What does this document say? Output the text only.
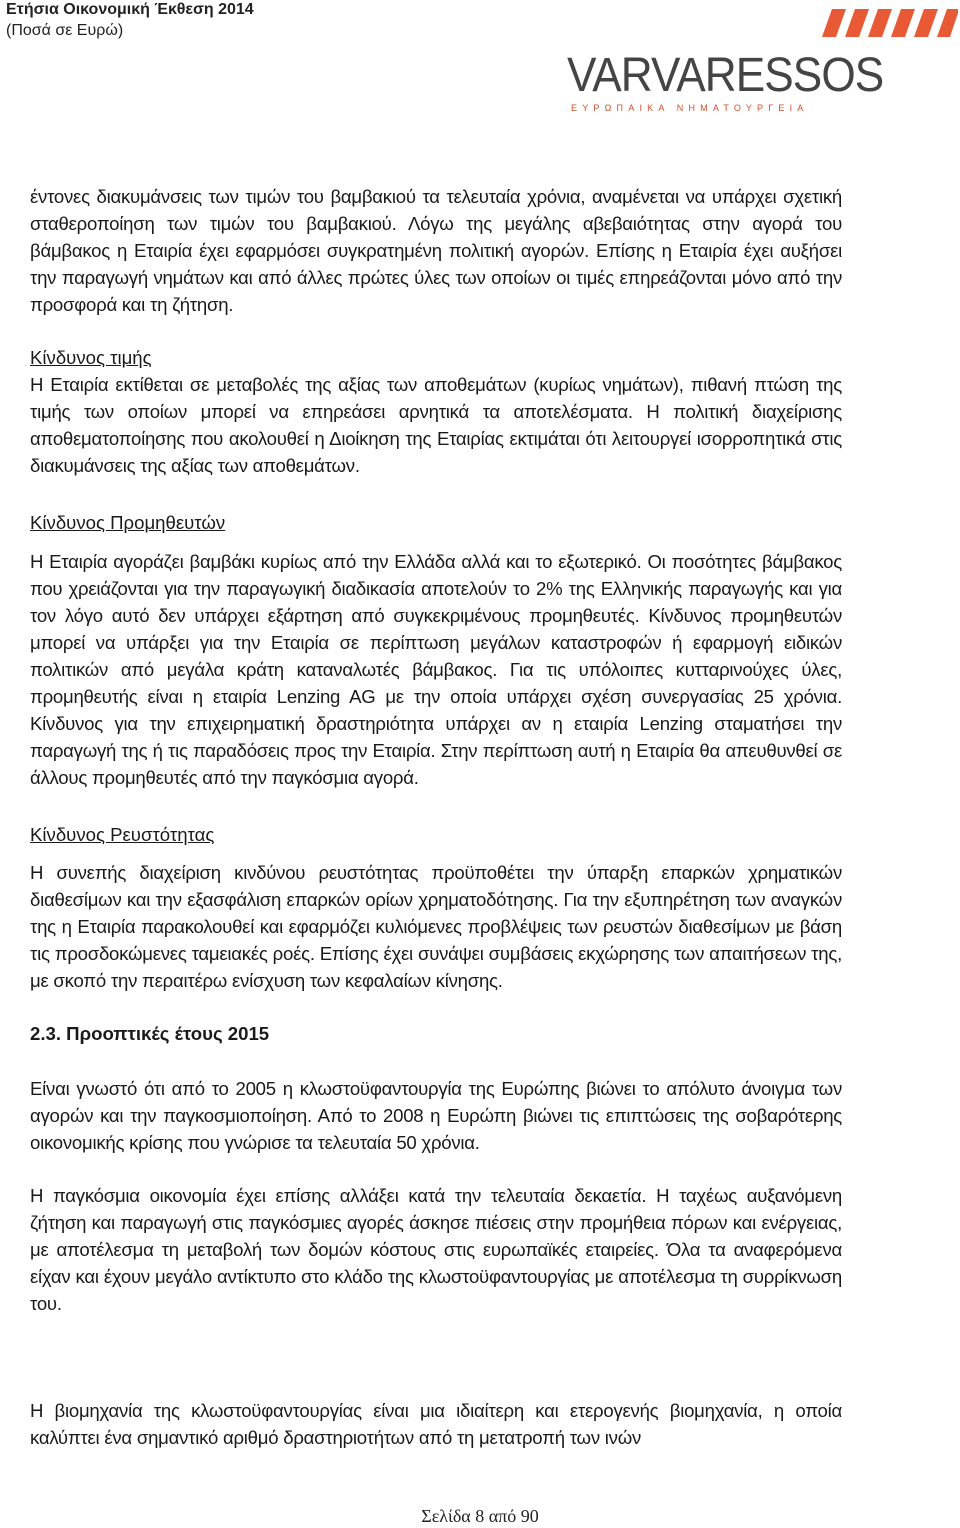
Ετήσια Οικονομική Έκθεση 2014
(Ποσά σε Ευρώ)
VARVARESSOS
ΕΥΡΩΠΑΙΚΑ ΝΗΜΑΤΟΥΡΓΕΙΑ

έντονες διακυμάνσεις των τιμών του βαμβακιού τα τελευταία χρόνια, αναμένεται να υπάρχει σχετική σταθεροποίηση των τιμών του βαμβακιού. Λόγω της μεγάλης αβεβαιότητας στην αγορά του βάμβακος η Εταιρία έχει εφαρμόσει συγκρατημένη πολιτική αγορών. Επίσης η Εταιρία έχει αυξήσει την παραγωγή νημάτων και από άλλες πρώτες ύλες των οποίων οι τιμές επηρεάζονται μόνο από την προσφορά και τη ζήτηση.

Κίνδυνος τιμής

Η Εταιρία εκτίθεται σε μεταβολές της αξίας των αποθεμάτων (κυρίως νημάτων), πιθανή πτώση της τιμής των οποίων μπορεί να επηρεάσει αρνητικά τα αποτελέσματα. Η πολιτική διαχείρισης αποθεματοποίησης που ακολουθεί η Διοίκηση της Εταιρίας εκτιμάται ότι λειτουργεί ισορροπητικά στις διακυμάνσεις της αξίας των αποθεμάτων.

Κίνδυνος Προμηθευτών

Η Εταιρία αγοράζει βαμβάκι κυρίως από την Ελλάδα αλλά και το εξωτερικό. Οι ποσότητες βάμβακος που χρειάζονται για την παραγωγική διαδικασία αποτελούν το 2% της Ελληνικής παραγωγής και για τον λόγο αυτό δεν υπάρχει εξάρτηση από συγκεκριμένους προμηθευτές. Κίνδυνος προμηθευτών μπορεί να υπάρξει για την Εταιρία σε περίπτωση μεγάλων καταστροφών ή εφαρμογή ειδικών πολιτικών από μεγάλα κράτη καταναλωτές βάμβακος. Για τις υπόλοιπες κυτταρινούχες ύλες, προμηθευτής είναι η εταιρία Lenzing AG με την οποία υπάρχει σχέση συνεργασίας 25 χρόνια. Κίνδυνος για την επιχειρηματική δραστηριότητα υπάρχει αν η εταιρία Lenzing σταματήσει την παραγωγή της ή τις παραδόσεις προς την Εταιρία. Στην περίπτωση αυτή η Εταιρία θα απευθυνθεί σε άλλους προμηθευτές από την παγκόσμια αγορά.

Κίνδυνος Ρευστότητας

Η συνεπής διαχείριση κινδύνου ρευστότητας προϋποθέτει την ύπαρξη επαρκών χρηματικών διαθεσίμων και την εξασφάλιση επαρκών ορίων χρηματοδότησης. Για την εξυπηρέτηση των αναγκών της η Εταιρία παρακολουθεί και εφαρμόζει κυλιόμενες προβλέψεις των ρευστών διαθεσίμων με βάση τις προσδοκώμενες ταμειακές ροές. Επίσης έχει συνάψει συμβάσεις εκχώρησης των απαιτήσεων της, με σκοπό την περαιτέρω ενίσχυση των κεφαλαίων κίνησης.

2.3. Προοπτικές έτους 2015

Είναι γνωστό ότι από το 2005 η κλωστοϋφαντουργία της Ευρώπης βιώνει το απόλυτο άνοιγμα των αγορών και την παγκοσμιοποίηση. Από το 2008 η Ευρώπη βιώνει τις επιπτώσεις της σοβαρότερης οικονομικής κρίσης που γνώρισε τα τελευταία 50 χρόνια.

Η παγκόσμια οικονομία έχει επίσης αλλάξει κατά την τελευταία δεκαετία. Η ταχέως αυξανόμενη ζήτηση και παραγωγή στις παγκόσμιες αγορές άσκησε πιέσεις στην προμήθεια πόρων και ενέργειας, με αποτέλεσμα τη μεταβολή των δομών κόστους στις ευρωπαϊκές εταιρείες. Όλα τα αναφερόμενα είχαν και έχουν μεγάλο αντίκτυπο στο κλάδο της κλωστοϋφαντουργίας με αποτέλεσμα τη συρρίκνωση του.

Η βιομηχανία της κλωστοϋφαντουργίας είναι μια ιδιαίτερη και ετερογενής βιομηχανία, η οποία καλύπτει ένα σημαντικό αριθμό δραστηριοτήτων από τη μετατροπή των ινών

Σελίδα 8 από 90
